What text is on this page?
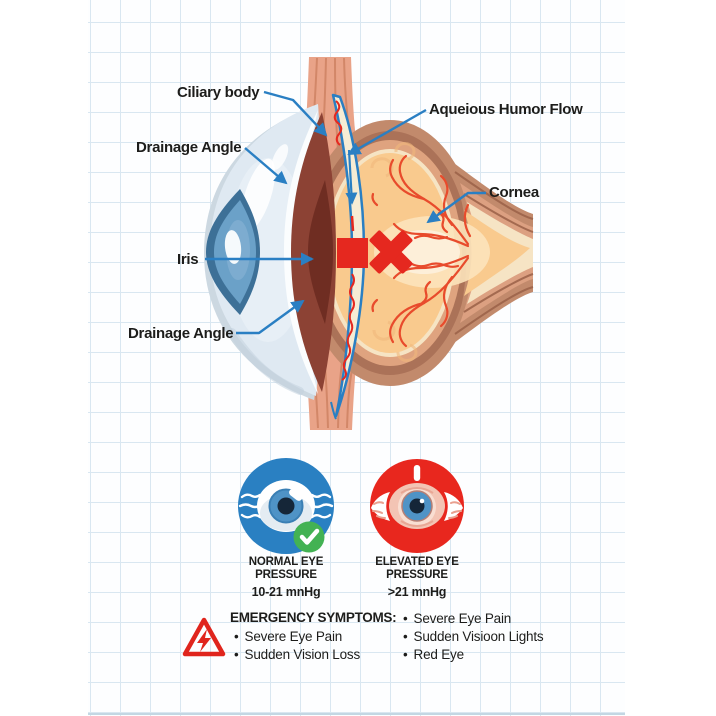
Ciliary body
Drainage Angle
Aqueious Humor Flow
Cornea
Iris
Drainage Angle
NORMAL EYE
PRESSURE
10-21 mnHg
ELEVATED EYE
PRESSURE
>21 mnHg
EMERGENCY SYMPTOMS:
• Severe Eye Pain
• Sudden Vision Loss
• Severe Eye Pain
• Sudden Visioon Lights
• Red Eye
